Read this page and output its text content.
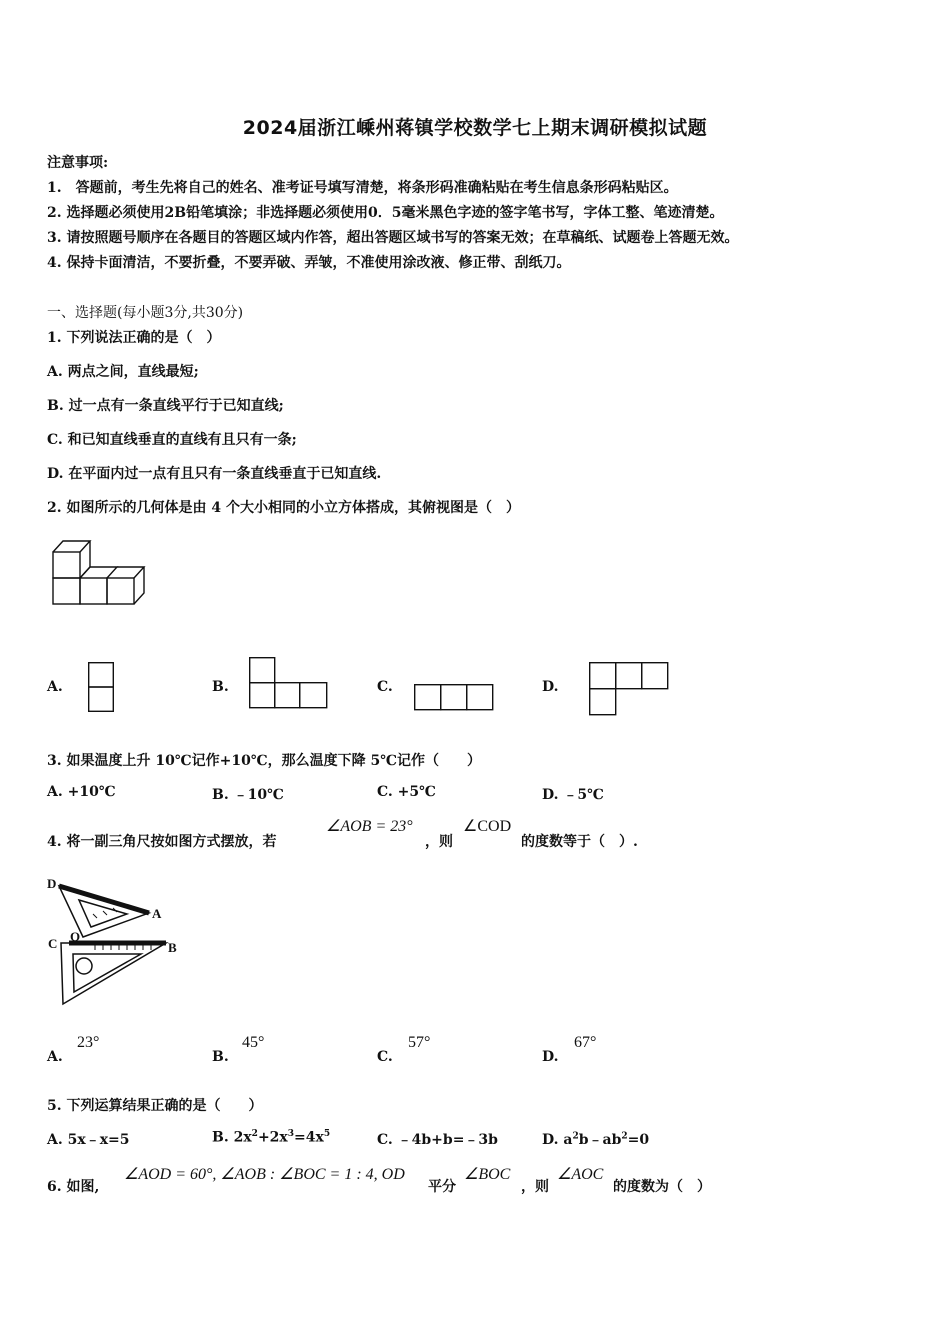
2024届浙江嵊州蒋镇学校数学七上期末调研模拟试题
注意事项:
1.　答题前，考生先将自己的姓名、准考证号填写清楚，将条形码准确粘贴在考生信息条形码粘贴区。
2. 选择题必须使用2B铅笔填涂；非选择题必须使用0．5毫米黑色字迹的签字笔书写，字体工整、笔迹清楚。
3. 请按照题号顺序在各题目的答题区域内作答，超出答题区域书写的答案无效；在草稿纸、试题卷上答题无效。
4. 保持卡面清洁，不要折叠，不要弄破、弄皱，不准使用涂改液、修正带、刮纸刀。
一、选择题(每小题3分,共30分)
1. 下列说法正确的是（　）
A. 两点之间，直线最短;
B. 过一点有一条直线平行于已知直线;
C. 和已知直线垂直的直线有且只有一条;
D. 在平面内过一点有且只有一条直线垂直于已知直线.
2. 如图所示的几何体是由 4 个大小相同的小立方体搭成，其俯视图是（　）
A.	B.	C.	D.
3. 如果温度上升 10℃记作+10℃，那么温度下降 5℃记作（　　）
A. +10℃	B. ﹣10℃	C. +5℃	D. ﹣5℃
4. 将一副三角尺按如图方式摆放，若
∠AOB = 23°
，则
∠COD
的度数等于（　）.
D
A
C O
B
A.
23°
B.
45°
C.
57°
D.
67°
5. 下列运算结果正确的是（　　）
A. 5x﹣x=5	B. $2x^2+2x^3=4x^5$	C. ﹣4b+b=﹣3b	D. $a^2b﹣ab^2=0$
6. 如图,
∠AOD = 60°, ∠AOB : ∠BOC = 1 : 4, OD
平分
∠BOC
，则
∠AOC
的度数为（　）
